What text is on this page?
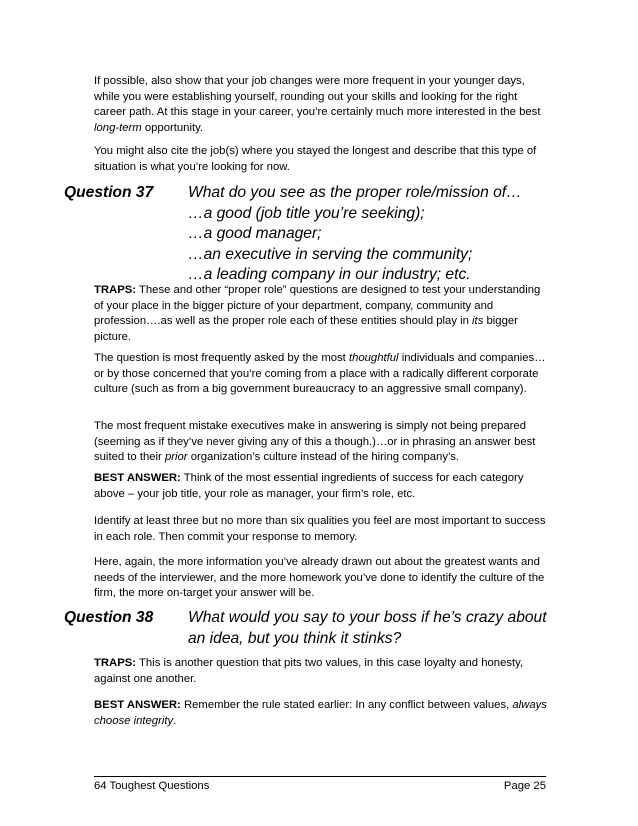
If possible, also show that your job changes were more frequent in your younger days, while you were establishing yourself, rounding out your skills and looking for the right career path. At this stage in your career, you’re certainly much more interested in the best long-term opportunity.

You might also cite the job(s) where you stayed the longest and describe that this type of situation is what you’re looking for now.

Question 37 What do you see as the proper role/mission of…
…a good (job title you’re seeking);
…a good manager;
…an executive in serving the community;
…a leading company in our industry; etc.

TRAPS: These and other “proper role” questions are designed to test your understanding of your place in the bigger picture of your department, company, community and profession….as well as the proper role each of these entities should play in its bigger picture.

The question is most frequently asked by the most thoughtful individuals and companies…or by those concerned that you’re coming from a place with a radically different corporate culture (such as from a big government bureaucracy to an aggressive small company).

The most frequent mistake executives make in answering is simply not being prepared (seeming as if they’ve never giving any of this a though.)…or in phrasing an answer best suited to their prior organization’s culture instead of the hiring company’s.

BEST ANSWER: Think of the most essential ingredients of success for each category above – your job title, your role as manager, your firm’s role, etc.

Identify at least three but no more than six qualities you feel are most important to success in each role. Then commit your response to memory.

Here, again, the more information you’ve already drawn out about the greatest wants and needs of the interviewer, and the more homework you’ve done to identify the culture of the firm, the more on-target your answer will be.

Question 38 What would you say to your boss if he’s crazy about an idea, but you think it stinks?

TRAPS: This is another question that pits two values, in this case loyalty and honesty, against one another.

BEST ANSWER: Remember the rule stated earlier: In any conflict between values, always choose integrity.

64 Toughest Questions	Page 25
